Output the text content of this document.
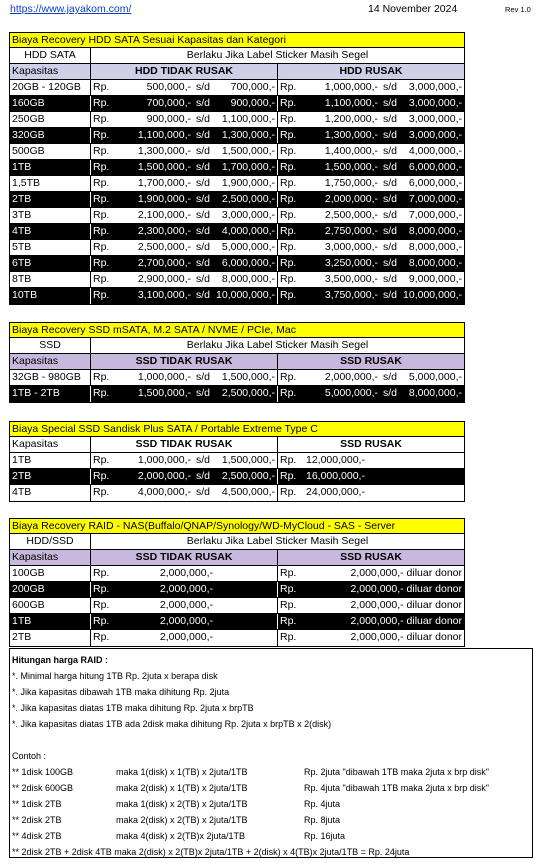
https://www.jayakom.com/	14 November 2024	Rev 1.0
Biaya Recovery HDD SATA Sesuai Kapasitas dan Kategori
HDD SATA	Berlaku Jika Label Sticker Masih Segel
Kapasitas	HDD TIDAK RUSAK	HDD RUSAK
20GB - 120GB	Rp.	500,000,- s/d	700,000,- Rp.	1,000,000,- s/d	3,000,000,-
160GB	Rp.	700,000,- s/d	900,000,- Rp.	1,100,000,- s/d	3,000,000,-
250GB	Rp.	900,000,- s/d	1,100,000,- Rp.	1,200,000,- s/d	3,000,000,-
320GB	Rp.	1,100,000,- s/d	1,300,000,- Rp.	1,300,000,- s/d	3,000,000,-
500GB	Rp.	1,300,000,- s/d	1,500,000,- Rp.	1,400,000,- s/d	4,000,000,-
1TB	Rp.	1,500,000,- s/d	1,700,000,- Rp.	1,500,000,- s/d	6,000,000,-
1,5TB	Rp.	1,700,000,- s/d	1,900,000,- Rp.	1,750,000,- s/d	6,000,000,-
2TB	Rp.	1,900,000,- s/d	2,500,000,- Rp.	2,000,000,- s/d	7,000,000,-
3TB	Rp.	2,100,000,- s/d	3,000,000,- Rp.	2,500,000,- s/d	7,000,000,-
4TB	Rp.	2,300,000,- s/d	4,000,000,- Rp.	2,750,000,- s/d	8,000,000,-
5TB	Rp.	2,500,000,- s/d	5,000,000,- Rp.	3,000,000,- s/d	8,000,000,-
6TB	Rp.	2,700,000,- s/d	6,000,000,- Rp.	3,250,000,- s/d	8,000,000,-
8TB	Rp.	2,900,000,- s/d	8,000,000,- Rp.	3,500,000,- s/d	9,000,000,-
10TB	Rp.	3,100,000,- s/d 10,000,000,- Rp.	3,750,000,- s/d 10,000,000,-
Biaya Recovery SSD mSATA, M.2 SATA / NVME / PCIe, Mac
SSD	Berlaku Jika Label Sticker Masih Segel
Kapasitas	SSD TIDAK RUSAK	SSD RUSAK
32GB - 980GB	Rp.	1,000,000,- s/d	1,500,000,- Rp.	2,000,000,- s/d	5,000,000,-
1TB - 2TB	Rp.	1,500,000,- s/d	2,500,000,- Rp.	5,000,000,- s/d	8,000,000,-
Biaya Special SSD Sandisk Plus SATA / Portable Extreme Type C
Kapasitas	SSD TIDAK RUSAK	SSD RUSAK
1TB	Rp.	1,000,000,- s/d	1,500,000,- Rp. 12,000,000,-
2TB	Rp.	2,000,000,- s/d	2,500,000,- Rp. 16,000,000,-
4TB	Rp.	4,000,000,- s/d	4,500,000,- Rp. 24,000,000,-
Biaya Recovery RAID - NAS(Buffalo/QNAP/Synology/WD-MyCloud - SAS - Server
HDD/SSD	Berlaku Jika Label Sticker Masih Segel
Kapasitas	SSD TIDAK RUSAK	SSD RUSAK
100GB	Rp.	2,000,000,-	Rp.	2,000,000,- diluar donor
200GB	Rp.	2,000,000,-	Rp.	2,000,000,- diluar donor
600GB	Rp.	2,000,000,-	Rp.	2,000,000,- diluar donor
1TB	Rp.	2,000,000,-	Rp.	2,000,000,- diluar donor
2TB	Rp.	2,000,000,-	Rp.	2,000,000,- diluar donor
Hitungan harga RAID :
*. Minimal harga hitung 1TB Rp. 2juta x berapa disk
*. Jika kapasitas dibawah 1TB maka dihitung Rp. 2juta
*. Jika kapasitas diatas 1TB maka dihitung Rp. 2juta x brpTB
*. Jika kapasitas diatas 1TB ada 2disk maka dihitung Rp. 2juta x brpTB x 2(disk)
Contoh :
** 1disk 100GB	maka 1(disk) x 1(TB) x 2juta/1TB	Rp. 2juta "dibawah 1TB maka 2juta x brp disk"
** 2disk 600GB	maka 2(disk) x 1(TB) x 2juta/1TB	Rp. 4juta "dibawah 1TB maka 2juta x brp disk"
** 1disk 2TB	maka 1(disk) x 2(TB) x 2juta/1TB	Rp. 4juta
** 2disk 2TB	maka 2(disk) x 2(TB) x 2juta/1TB	Rp. 8juta
** 4disk 2TB	maka 4(disk) x 2(TB)x 2juta/1TB	Rp. 16juta
** 2disk 2TB + 2disk 4TB maka 2(disk) x 2(TB)x 2juta/1TB + 2(disk) x 4(TB)x 2juta/1TB = Rp. 24juta
